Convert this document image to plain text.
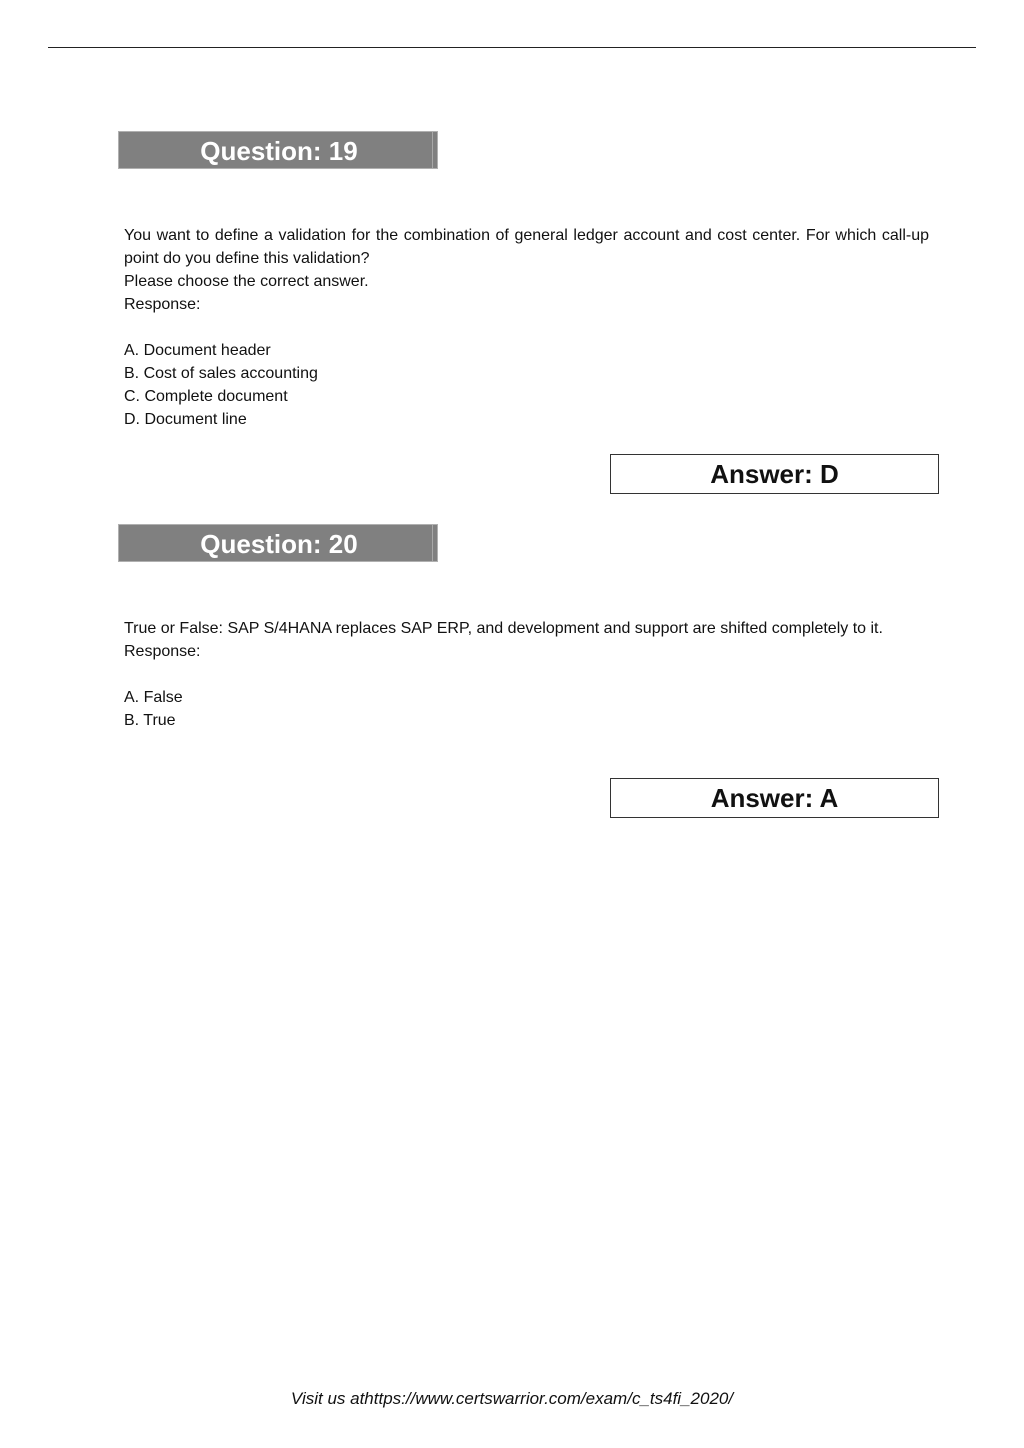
Question: 19

You want to define a validation for the combination of general ledger account and cost center. For which call-up point do you define this validation?

Please choose the correct answer.

Response:

A. Document header

B. Cost of sales accounting

C. Complete document

D. Document line

Answer: D
Question: 20

True or False: SAP S/4HANA replaces SAP ERP, and development and support are shifted completely to it.

Response:

A. False

B. True

Answer: A
Visit us athttps://www.certswarrior.com/exam/c_ts4fi_2020/
